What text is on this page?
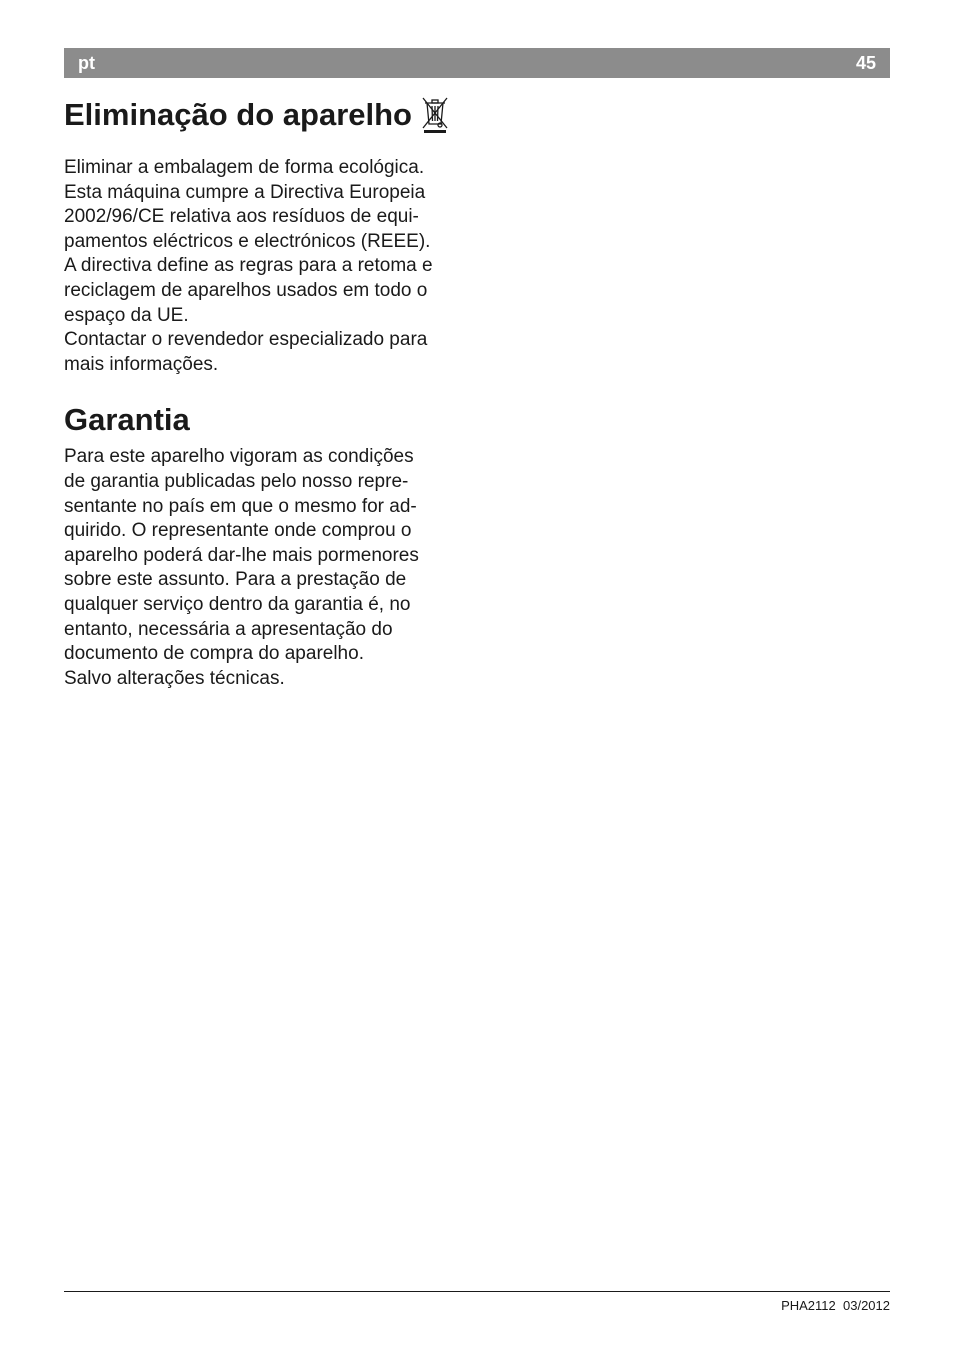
pt	45
Eliminação do aparelho

Eliminar a embalagem de forma ecológica.
Esta máquina cumpre a Directiva Europeia
2002/96/CE relativa aos resíduos de equi-
pamentos eléctricos e electrónicos (REEE).
A directiva define as regras para a retoma e
reciclagem de aparelhos usados em todo o
espaço da UE.
Contactar o revendedor especializado para
mais informações.

Garantia

Para este aparelho vigoram as condições
de garantia publicadas pelo nosso repre-
sentante no país em que o mesmo for ad-
quirido. O representante onde comprou o
aparelho poderá dar-lhe mais pormenores
sobre este assunto. Para a prestação de
qualquer serviço dentro da garantia é, no
entanto, necessária a apresentação do
documento de compra do aparelho.
Salvo alterações técnicas.

PHA2112 03/2012
